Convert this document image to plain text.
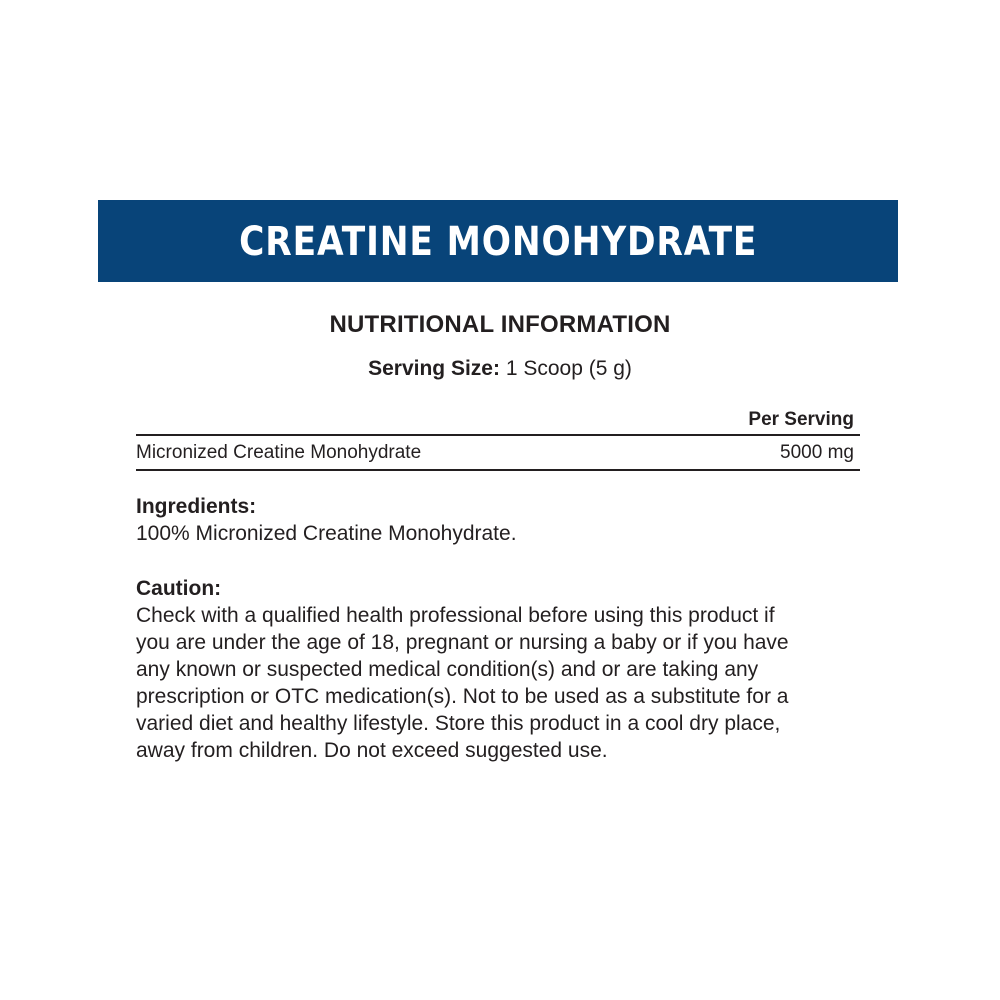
CREATINE MONOHYDRATE
NUTRITIONAL INFORMATION
Serving Size: 1 Scoop (5 g)
Per Serving
Micronized Creatine Monohydrate	5000 mg
Ingredients:
100% Micronized Creatine Monohydrate.
Caution:
Check with a qualified health professional before using this product if
you are under the age of 18, pregnant or nursing a baby or if you have
any known or suspected medical condition(s) and or are taking any
prescription or OTC medication(s). Not to be used as a substitute for a
varied diet and healthy lifestyle. Store this product in a cool dry place,
away from children. Do not exceed suggested use.
